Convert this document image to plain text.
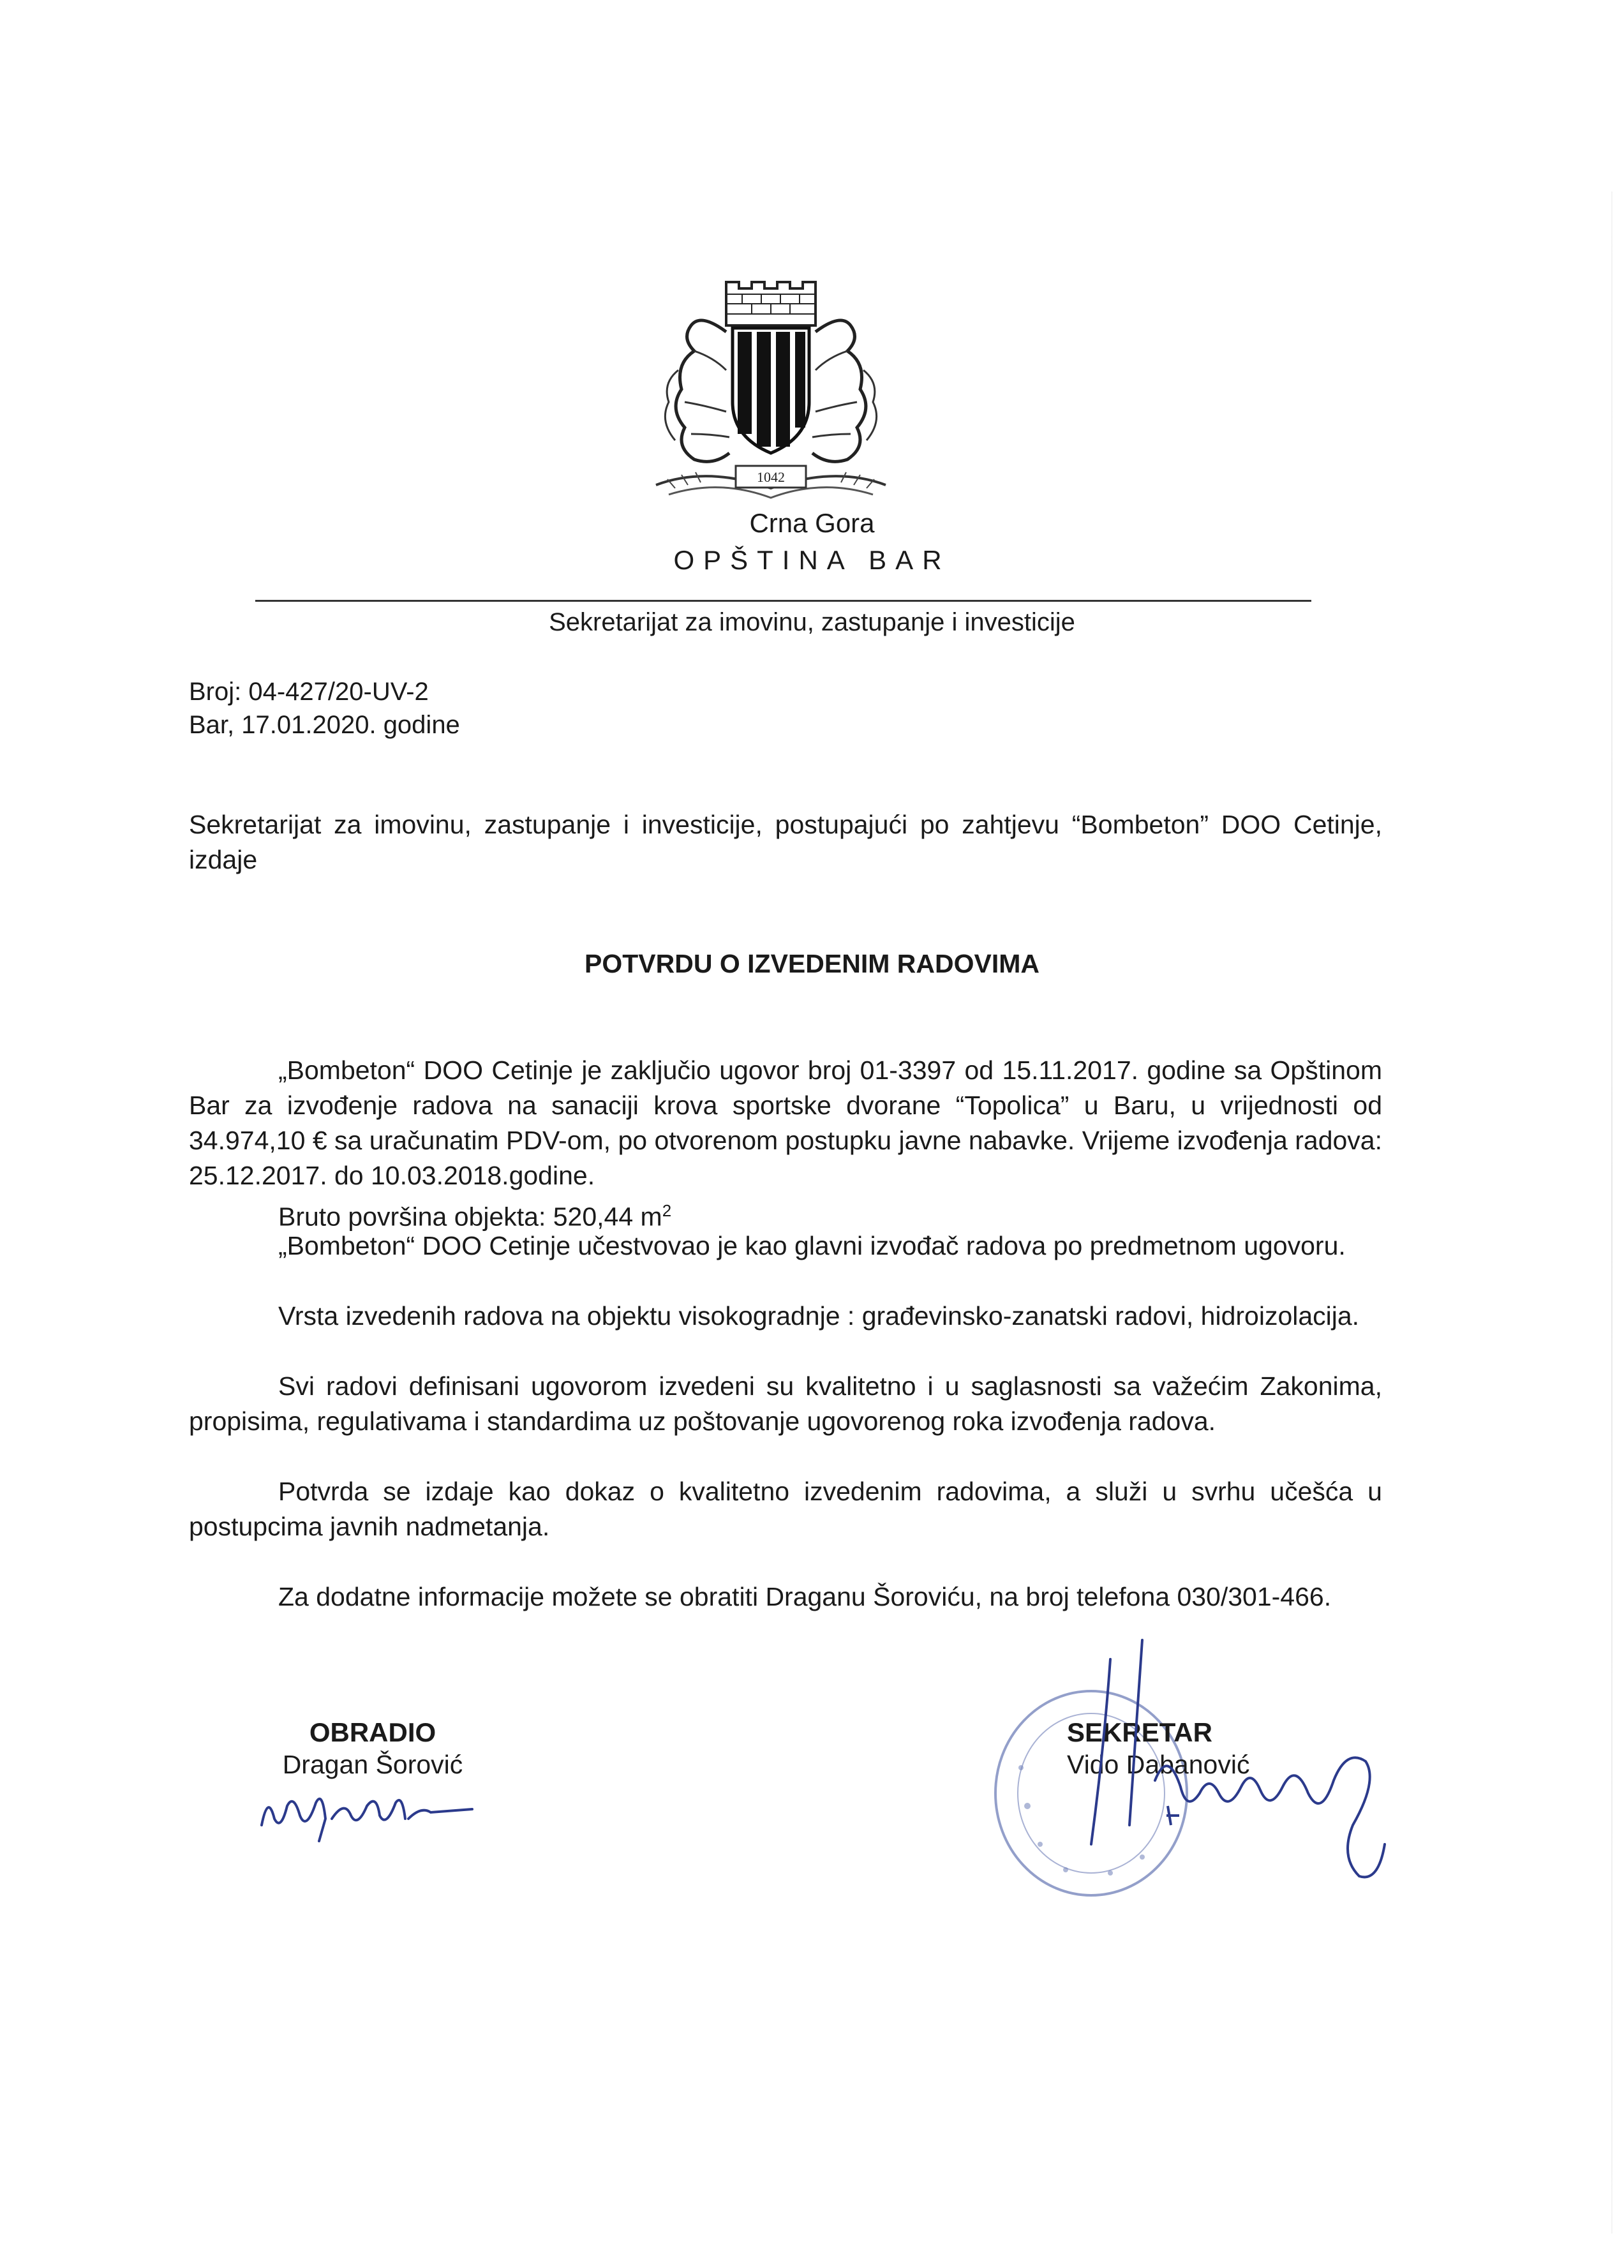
1042
Crna Gora
OPŠTINA BAR
Sekretarijat za imovinu, zastupanje i investicije
Broj: 04-427/20-UV-2
Bar, 17.01.2020. godine

Sekretarijat za imovinu, zastupanje i investicije, postupajući po zahtjevu “Bombeton” DOO Cetinje, izdaje

POTVRDU O IZVEDENIM RADOVIMA

„Bombeton“ DOO Cetinje je zaključio ugovor broj 01-3397 od 15.11.2017. godine sa Opštinom Bar za izvođenje radova na sanaciji krova sportske dvorane “Topolica” u Baru, u vrijednosti od 34.974,10 € sa uračunatim PDV-om, po otvorenom postupku javne nabavke. Vrijeme izvođenja radova: 25.12.2017. do 10.03.2018.godine.

Bruto površina objekta: 520,44 $m^2$

„Bombeton“ DOO Cetinje učestvovao je kao glavni izvođač radova po predmetnom ugovoru.

Vrsta izvedenih radova na objektu visokogradnje : građevinsko-zanatski radovi, hidroizolacija.

Svi radovi definisani ugovorom izvedeni su kvalitetno i u saglasnosti sa važećim Zakonima, propisima, regulativama i standardima uz poštovanje ugovorenog roka izvođenja radova.

Potvrda se izdaje kao dokaz o kvalitetno izvedenim radovima, a služi u svrhu učešća u postupcima javnih nadmetanja.

Za dodatne informacije možete se obratiti Draganu Šoroviću, na broj telefona 030/301-466.

OBRADIO
Dragan Šorović
SEKRETAR
Vido Dabanović
